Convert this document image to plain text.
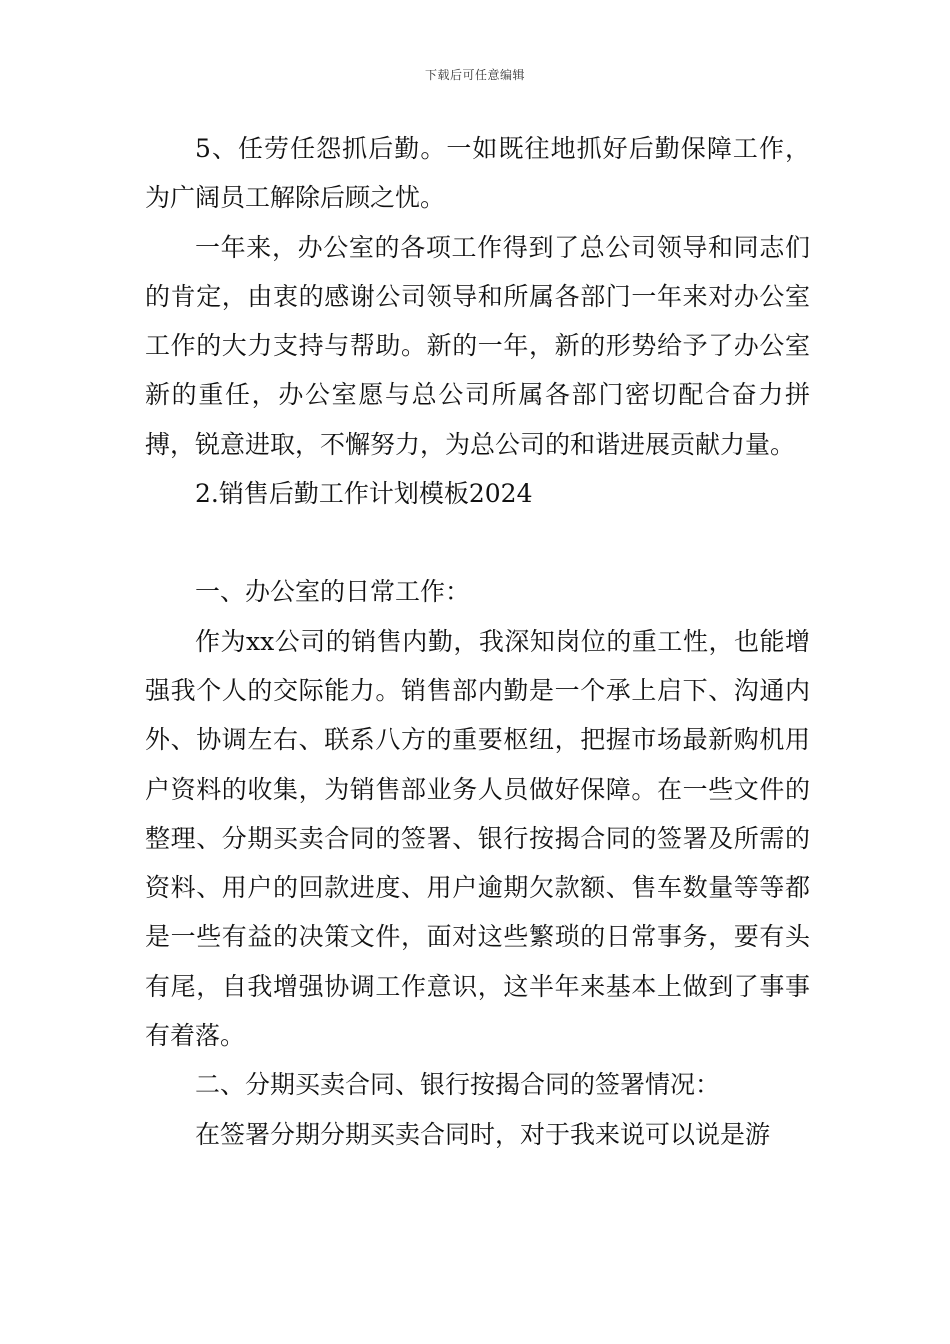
下载后可任意编辑

5、任劳任怨抓后勤。一如既往地抓好后勤保障工作，为广阔员工解除后顾之忧。

一年来，办公室的各项工作得到了总公司领导和同志们的肯定，由衷的感谢公司领导和所属各部门一年来对办公室工作的大力支持与帮助。新的一年，新的形势给予了办公室新的重任，办公室愿与总公司所属各部门密切配合奋力拼搏，锐意进取，不懈努力，为总公司的和谐进展贡献力量。

2.销售后勤工作计划模板2024

一、办公室的日常工作：

作为xx公司的销售内勤，我深知岗位的重工性，也能增强我个人的交际能力。销售部内勤是一个承上启下、沟通内外、协调左右、联系八方的重要枢纽，把握市场最新购机用户资料的收集，为销售部业务人员做好保障。在一些文件的整理、分期买卖合同的签署、银行按揭合同的签署及所需的资料、用户的回款进度、用户逾期欠款额、售车数量等等都是一些有益的决策文件，面对这些繁琐的日常事务，要有头有尾，自我增强协调工作意识，这半年来基本上做到了事事有着落。

二、分期买卖合同、银行按揭合同的签署情况：

在签署分期分期买卖合同时，对于我来说可以说是游
